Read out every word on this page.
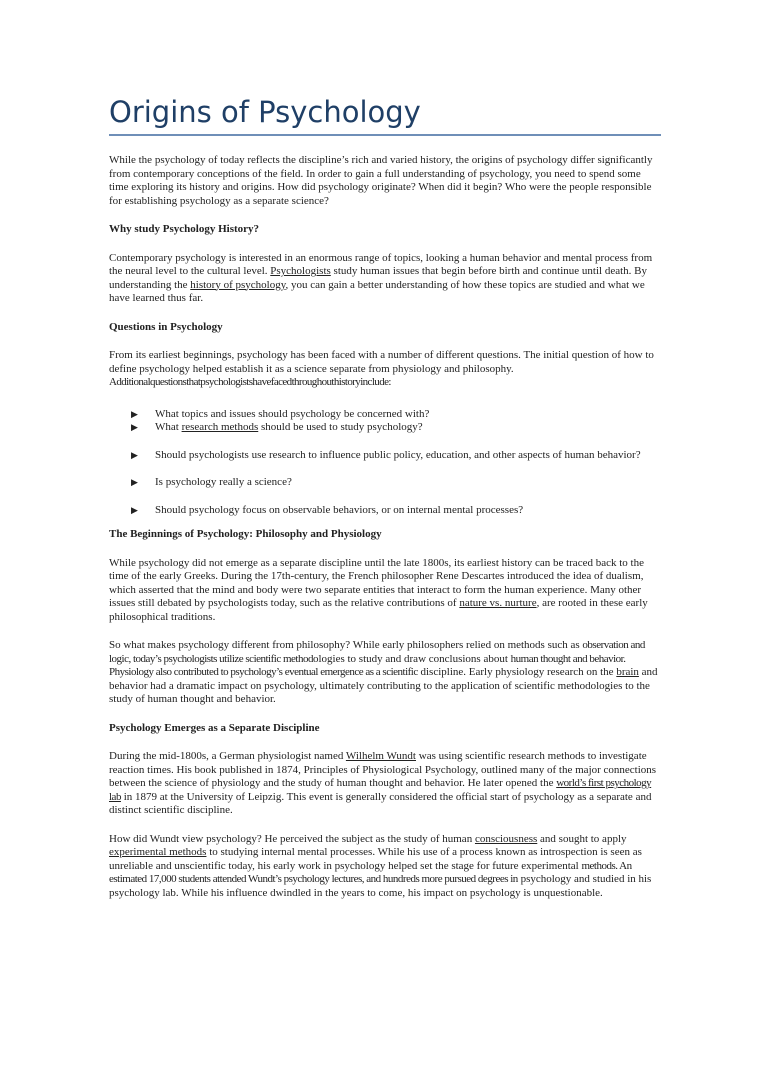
Origins of Psychology

While the psychology of today reflects the discipline’s rich and varied history, the origins of psychology differ significantly from contemporary conceptions of the field. In order to gain a full understanding of psychology, you need to spend some time exploring its history and origins. How did psychology originate? When did it begin? Who were the people responsible for establishing psychology as a separate science?

Why study Psychology History?

Contemporary psychology is interested in an enormous range of topics, looking a human behavior and mental process from the neural level to the cultural level. Psychologists study human issues that begin before birth and continue until death. By understanding the history of psychology, you can gain a better understanding of how these topics are studied and what we have learned thus far.

Questions in Psychology

From its earliest beginnings, psychology has been faced with a number of different questions. The initial question of how to define psychology helped establish it as a science separate from physiology and philosophy.
Additionalquestionsthatpsychologistshavefacedthroughouthistoryinclude:

▶ What topics and issues should psychology be concerned with?
▶ What research methods should be used to study psychology?
▶ Should psychologists use research to influence public policy, education, and other aspects of human behavior?
▶ Is psychology really a science?
▶ Should psychology focus on observable behaviors, or on internal mental processes?
The Beginnings of Psychology: Philosophy and Physiology

While psychology did not emerge as a separate discipline until the late 1800s, its earliest history can be traced back to the time of the early Greeks. During the 17th-century, the French philosopher Rene Descartes introduced the idea of dualism, which asserted that the mind and body were two separate entities that interact to form the human experience. Many other issues still debated by psychologists today, such as the relative contributions of nature vs. nurture, are rooted in these early philosophical traditions.

So what makes psychology different from philosophy? While early philosophers relied on methods such as observation and logic, today’s psychologists utilize scientific methodologies to study and draw conclusions about human thought and behavior. Physiology also contributed to psychology’s eventual emergence as a scientific discipline. Early physiology research on the brain and behavior had a dramatic impact on psychology, ultimately contributing to the application of scientific methodologies to the study of human thought and behavior.

Psychology Emerges as a Separate Discipline

During the mid-1800s, a German physiologist named Wilhelm Wundt was using scientific research methods to investigate reaction times. His book published in 1874, Principles of Physiological Psychology, outlined many of the major connections between the science of physiology and the study of human thought and behavior. He later opened the world’s first psychology lab in 1879 at the University of Leipzig. This event is generally considered the official start of psychology as a separate and distinct scientific discipline.

How did Wundt view psychology? He perceived the subject as the study of human consciousness and sought to apply experimental methods to studying internal mental processes. While his use of a process known as introspection is seen as unreliable and unscientific today, his early work in psychology helped set the stage for future experimental methods. An estimated 17,000 students attended Wundt’s psychology lectures, and hundreds more pursued degrees in psychology and studied in his psychology lab. While his influence dwindled in the years to come, his impact on psychology is unquestionable.
